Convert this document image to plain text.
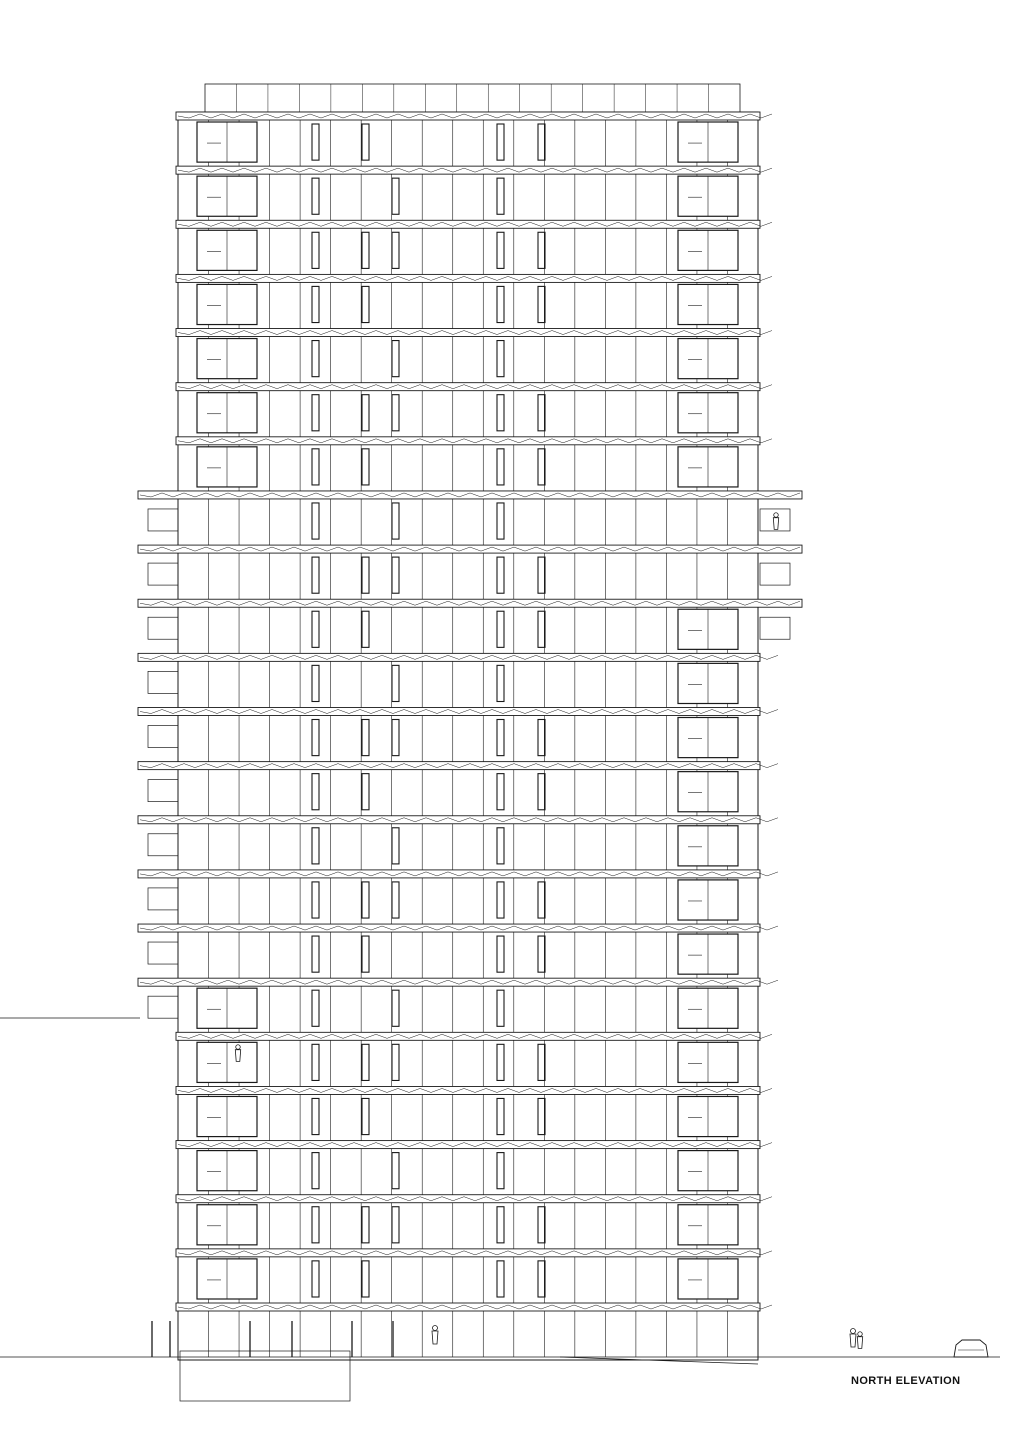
NORTH ELEVATION
